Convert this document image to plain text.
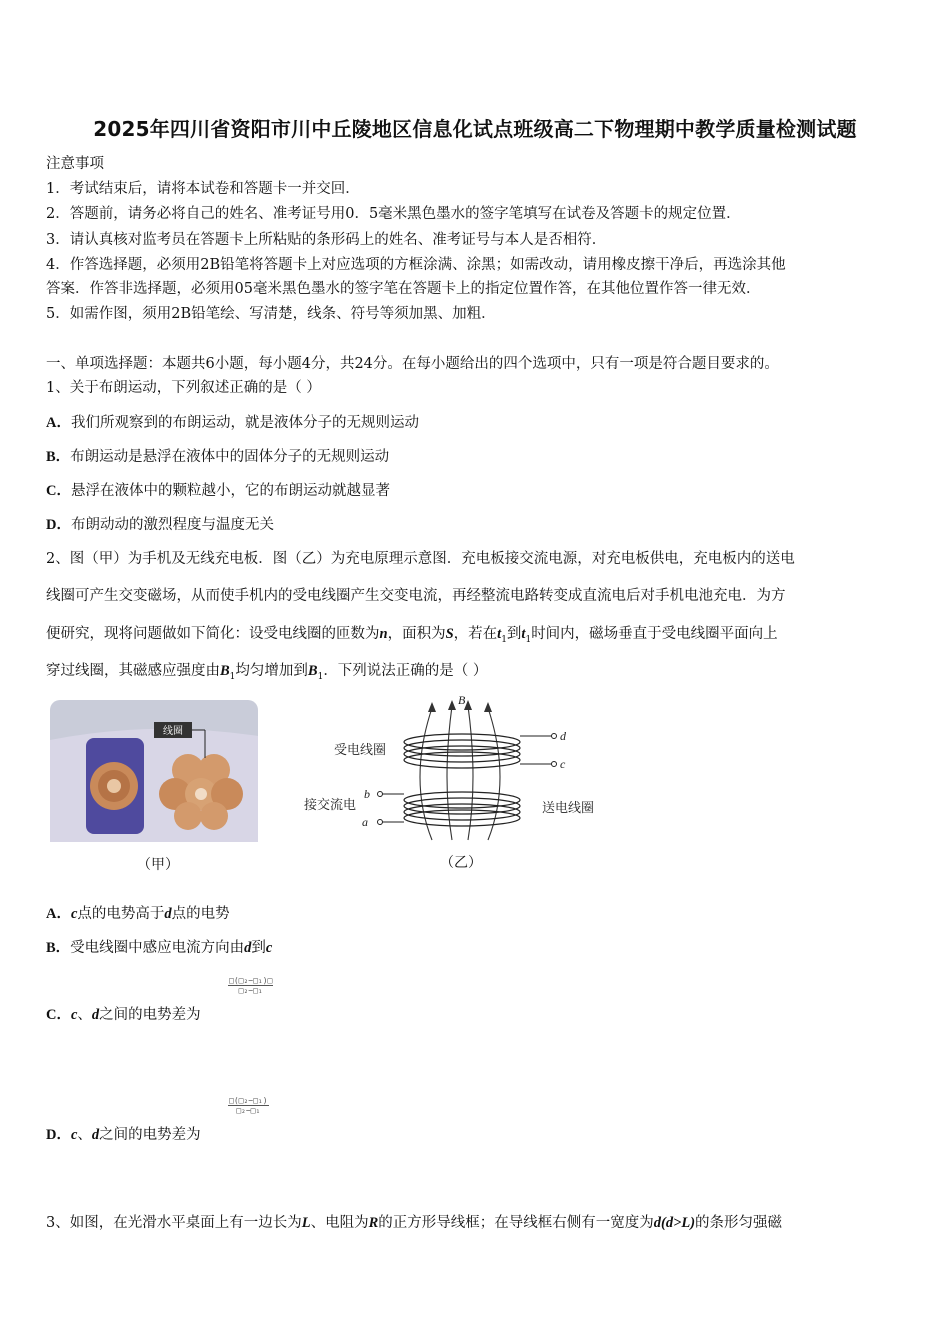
2025年四川省资阳市川中丘陵地区信息化试点班级高二下物理期中教学质量检测试题
注意事项
1．考试结束后，请将本试卷和答题卡一并交回．
2．答题前，请务必将自己的姓名、准考证号用0．5毫米黑色墨水的签字笔填写在试卷及答题卡的规定位置．
3．请认真核对监考员在答题卡上所粘贴的条形码上的姓名、准考证号与本人是否相符．
4．作答选择题，必须用2B铅笔将答题卡上对应选项的方框涂满、涂黑；如需改动，请用橡皮擦干净后，再选涂其他
答案．作答非选择题，必须用05毫米黑色墨水的签字笔在答题卡上的指定位置作答，在其他位置作答一律无效．
5．如需作图，须用2B铅笔绘、写清楚，线条、符号等须加黑、加粗．
一、单项选择题：本题共6小题，每小题4分，共24分。在每小题给出的四个选项中，只有一项是符合题目要求的。
1、关于布朗运动，下列叙述正确的是（ ）
A．我们所观察到的布朗运动，就是液体分子的无规则运动
B．布朗运动是悬浮在液体中的固体分子的无规则运动
C．悬浮在液体中的颗粒越小，它的布朗运动就越显著
D．布朗动动的激烈程度与温度无关
2、图（甲）为手机及无线充电板．图（乙）为充电原理示意图．充电板接交流电源，对充电板供电，充电板内的送电
线圈可产生交变磁场，从而使手机内的受电线圈产生交变电流，再经整流电路转变成直流电后对手机电池充电．为方
便研究，现将问题做如下简化：设受电线圈的匝数为n，面积为S，若在$t_1$到$t_1$时间内，磁场垂直于受电线圈平面向上
穿过线圈，其磁感应强度由$B_1$均匀增加到$B_1$．下列说法正确的是（ ）
线圈
（甲）
B
d
c
b
a
受电线圈
接交流电	送电线圈
（乙）
A．c点的电势高于d点的电势
B．受电线圈中感应电流方向由d到c
□(□₂−□₁)□
□₂−□₁
C．c、d之间的电势差为
□(□₂−□₁)
□₂−□₁
D．c、d之间的电势差为
3、如图，在光滑水平桌面上有一边长为L、电阻为R的正方形导线框；在导线框右侧有一宽度为d(d>L)的条形匀强磁
